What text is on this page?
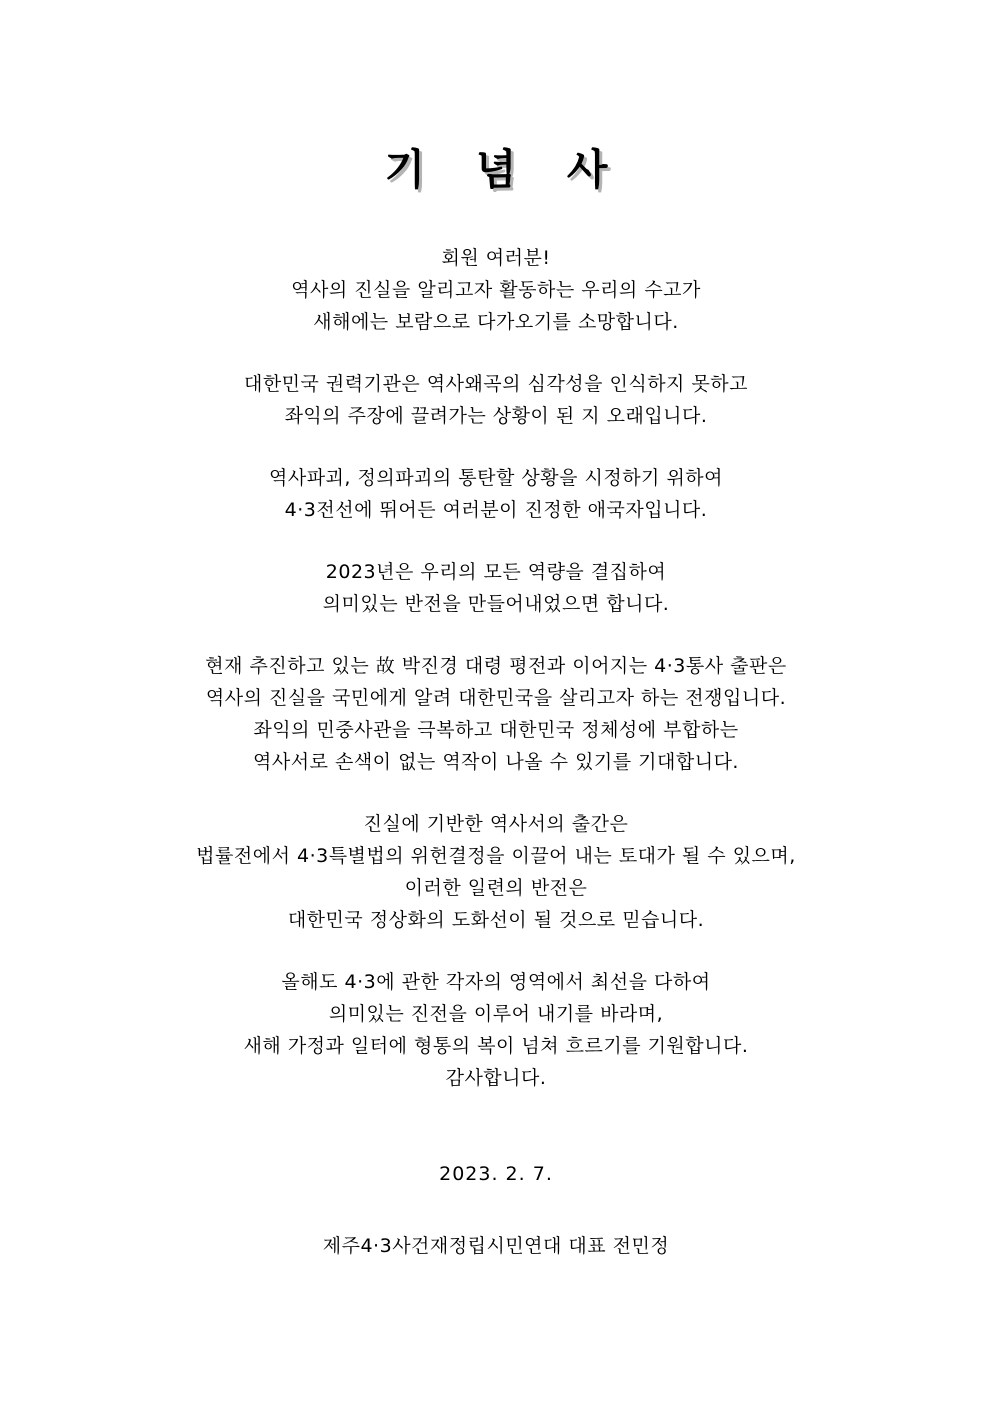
기 념 사
회원 여러분!
역사의 진실을 알리고자 활동하는 우리의 수고가
새해에는 보람으로 다가오기를 소망합니다.
대한민국 권력기관은 역사왜곡의 심각성을 인식하지 못하고
좌익의 주장에 끌려가는 상황이 된 지 오래입니다.
역사파괴, 정의파괴의 통탄할 상황을 시정하기 위하여
4·3전선에 뛰어든 여러분이 진정한 애국자입니다.
2023년은 우리의 모든 역량을 결집하여
의미있는 반전을 만들어내었으면 합니다.
현재 추진하고 있는 故 박진경 대령 평전과 이어지는 4·3통사 출판은
역사의 진실을 국민에게 알려 대한민국을 살리고자 하는 전쟁입니다.
좌익의 민중사관을 극복하고 대한민국 정체성에 부합하는
역사서로 손색이 없는 역작이 나올 수 있기를 기대합니다.
진실에 기반한 역사서의 출간은
법률전에서 4·3특별법의 위헌결정을 이끌어 내는 토대가 될 수 있으며,
이러한 일련의 반전은
대한민국 정상화의 도화선이 될 것으로 믿습니다.
올해도 4·3에 관한 각자의 영역에서 최선을 다하여
의미있는 진전을 이루어 내기를 바라며,
새해 가정과 일터에 형통의 복이 넘쳐 흐르기를 기원합니다.
감사합니다.
2023. 2. 7.
제주4·3사건재정립시민연대 대표 전민정
